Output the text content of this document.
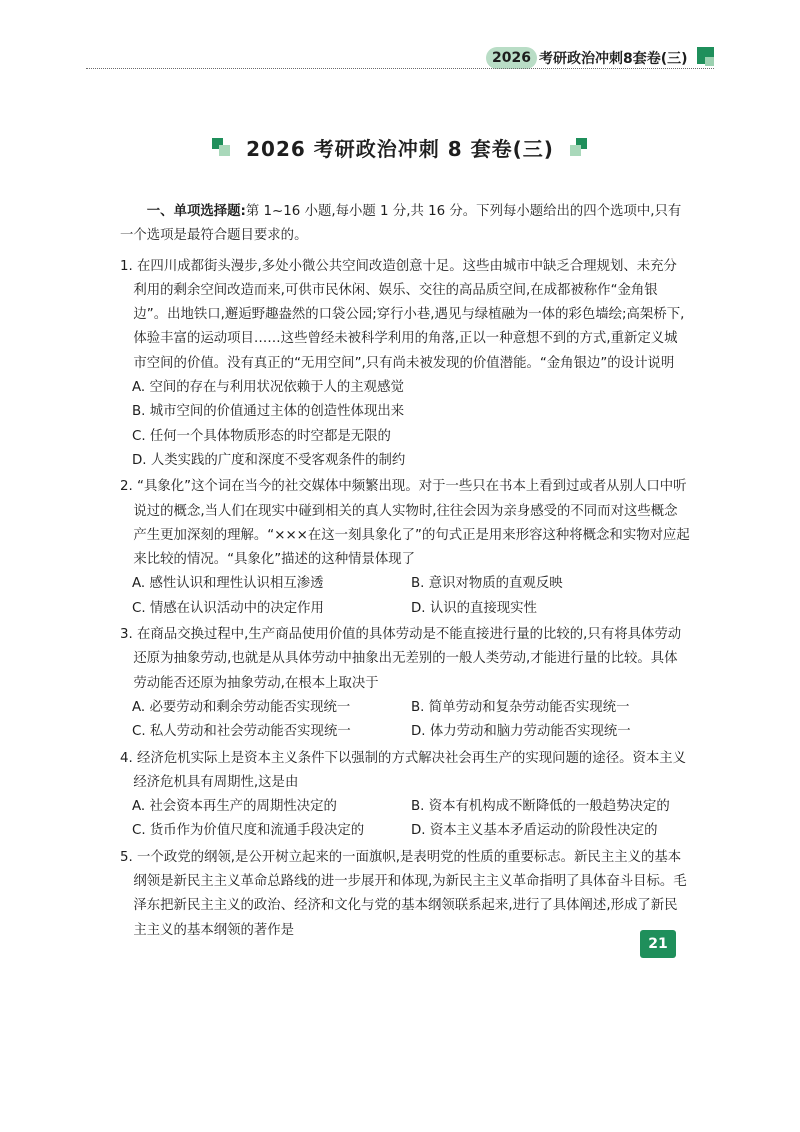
2026 考研政治冲刺8套卷(三)
2026 考研政治冲刺 8 套卷(三)

一、单项选择题:第 1~16 小题,每小题 1 分,共 16 分。下列每小题给出的四个选项中,只有一个选项是最符合题目要求的。

1. 在四川成都街头漫步,多处小微公共空间改造创意十足。这些由城市中缺乏合理规划、未充分利用的剩余空间改造而来,可供市民休闲、娱乐、交往的高品质空间,在成都被称作“金角银边”。出地铁口,邂逅野趣盎然的口袋公园;穿行小巷,遇见与绿植融为一体的彩色墙绘;高架桥下,体验丰富的运动项目……这些曾经未被科学利用的角落,正以一种意想不到的方式,重新定义城市空间的价值。没有真正的“无用空间”,只有尚未被发现的价值潜能。“金角银边”的设计说明

A. 空间的存在与利用状况依赖于人的主观感觉
B. 城市空间的价值通过主体的创造性体现出来
C. 任何一个具体物质形态的时空都是无限的
D. 人类实践的广度和深度不受客观条件的制约

2. “具象化”这个词在当今的社交媒体中频繁出现。对于一些只在书本上看到过或者从别人口中听说过的概念,当人们在现实中碰到相关的真人实物时,往往会因为亲身感受的不同而对这些概念产生更加深刻的理解。“×××在这一刻具象化了”的句式正是用来形容这种将概念和实物对应起来比较的情况。“具象化”描述的这种情景体现了

A. 感性认识和理性认识相互渗透	B. 意识对物质的直观反映
C. 情感在认识活动中的决定作用	D. 认识的直接现实性

3. 在商品交换过程中,生产商品使用价值的具体劳动是不能直接进行量的比较的,只有将具体劳动还原为抽象劳动,也就是从具体劳动中抽象出无差别的一般人类劳动,才能进行量的比较。具体劳动能否还原为抽象劳动,在根本上取决于

A. 必要劳动和剩余劳动能否实现统一	B. 简单劳动和复杂劳动能否实现统一
C. 私人劳动和社会劳动能否实现统一	D. 体力劳动和脑力劳动能否实现统一

4. 经济危机实际上是资本主义条件下以强制的方式解决社会再生产的实现问题的途径。资本主义经济危机具有周期性,这是由

A. 社会资本再生产的周期性决定的	B. 资本有机构成不断降低的一般趋势决定的
C. 货币作为价值尺度和流通手段决定的	D. 资本主义基本矛盾运动的阶段性决定的

5. 一个政党的纲领,是公开树立起来的一面旗帜,是表明党的性质的重要标志。新民主主义的基本纲领是新民主主义革命总路线的进一步展开和体现,为新民主主义革命指明了具体奋斗目标。毛泽东把新民主主义的政治、经济和文化与党的基本纲领联系起来,进行了具体阐述,形成了新民主主义的基本纲领的著作是

21
